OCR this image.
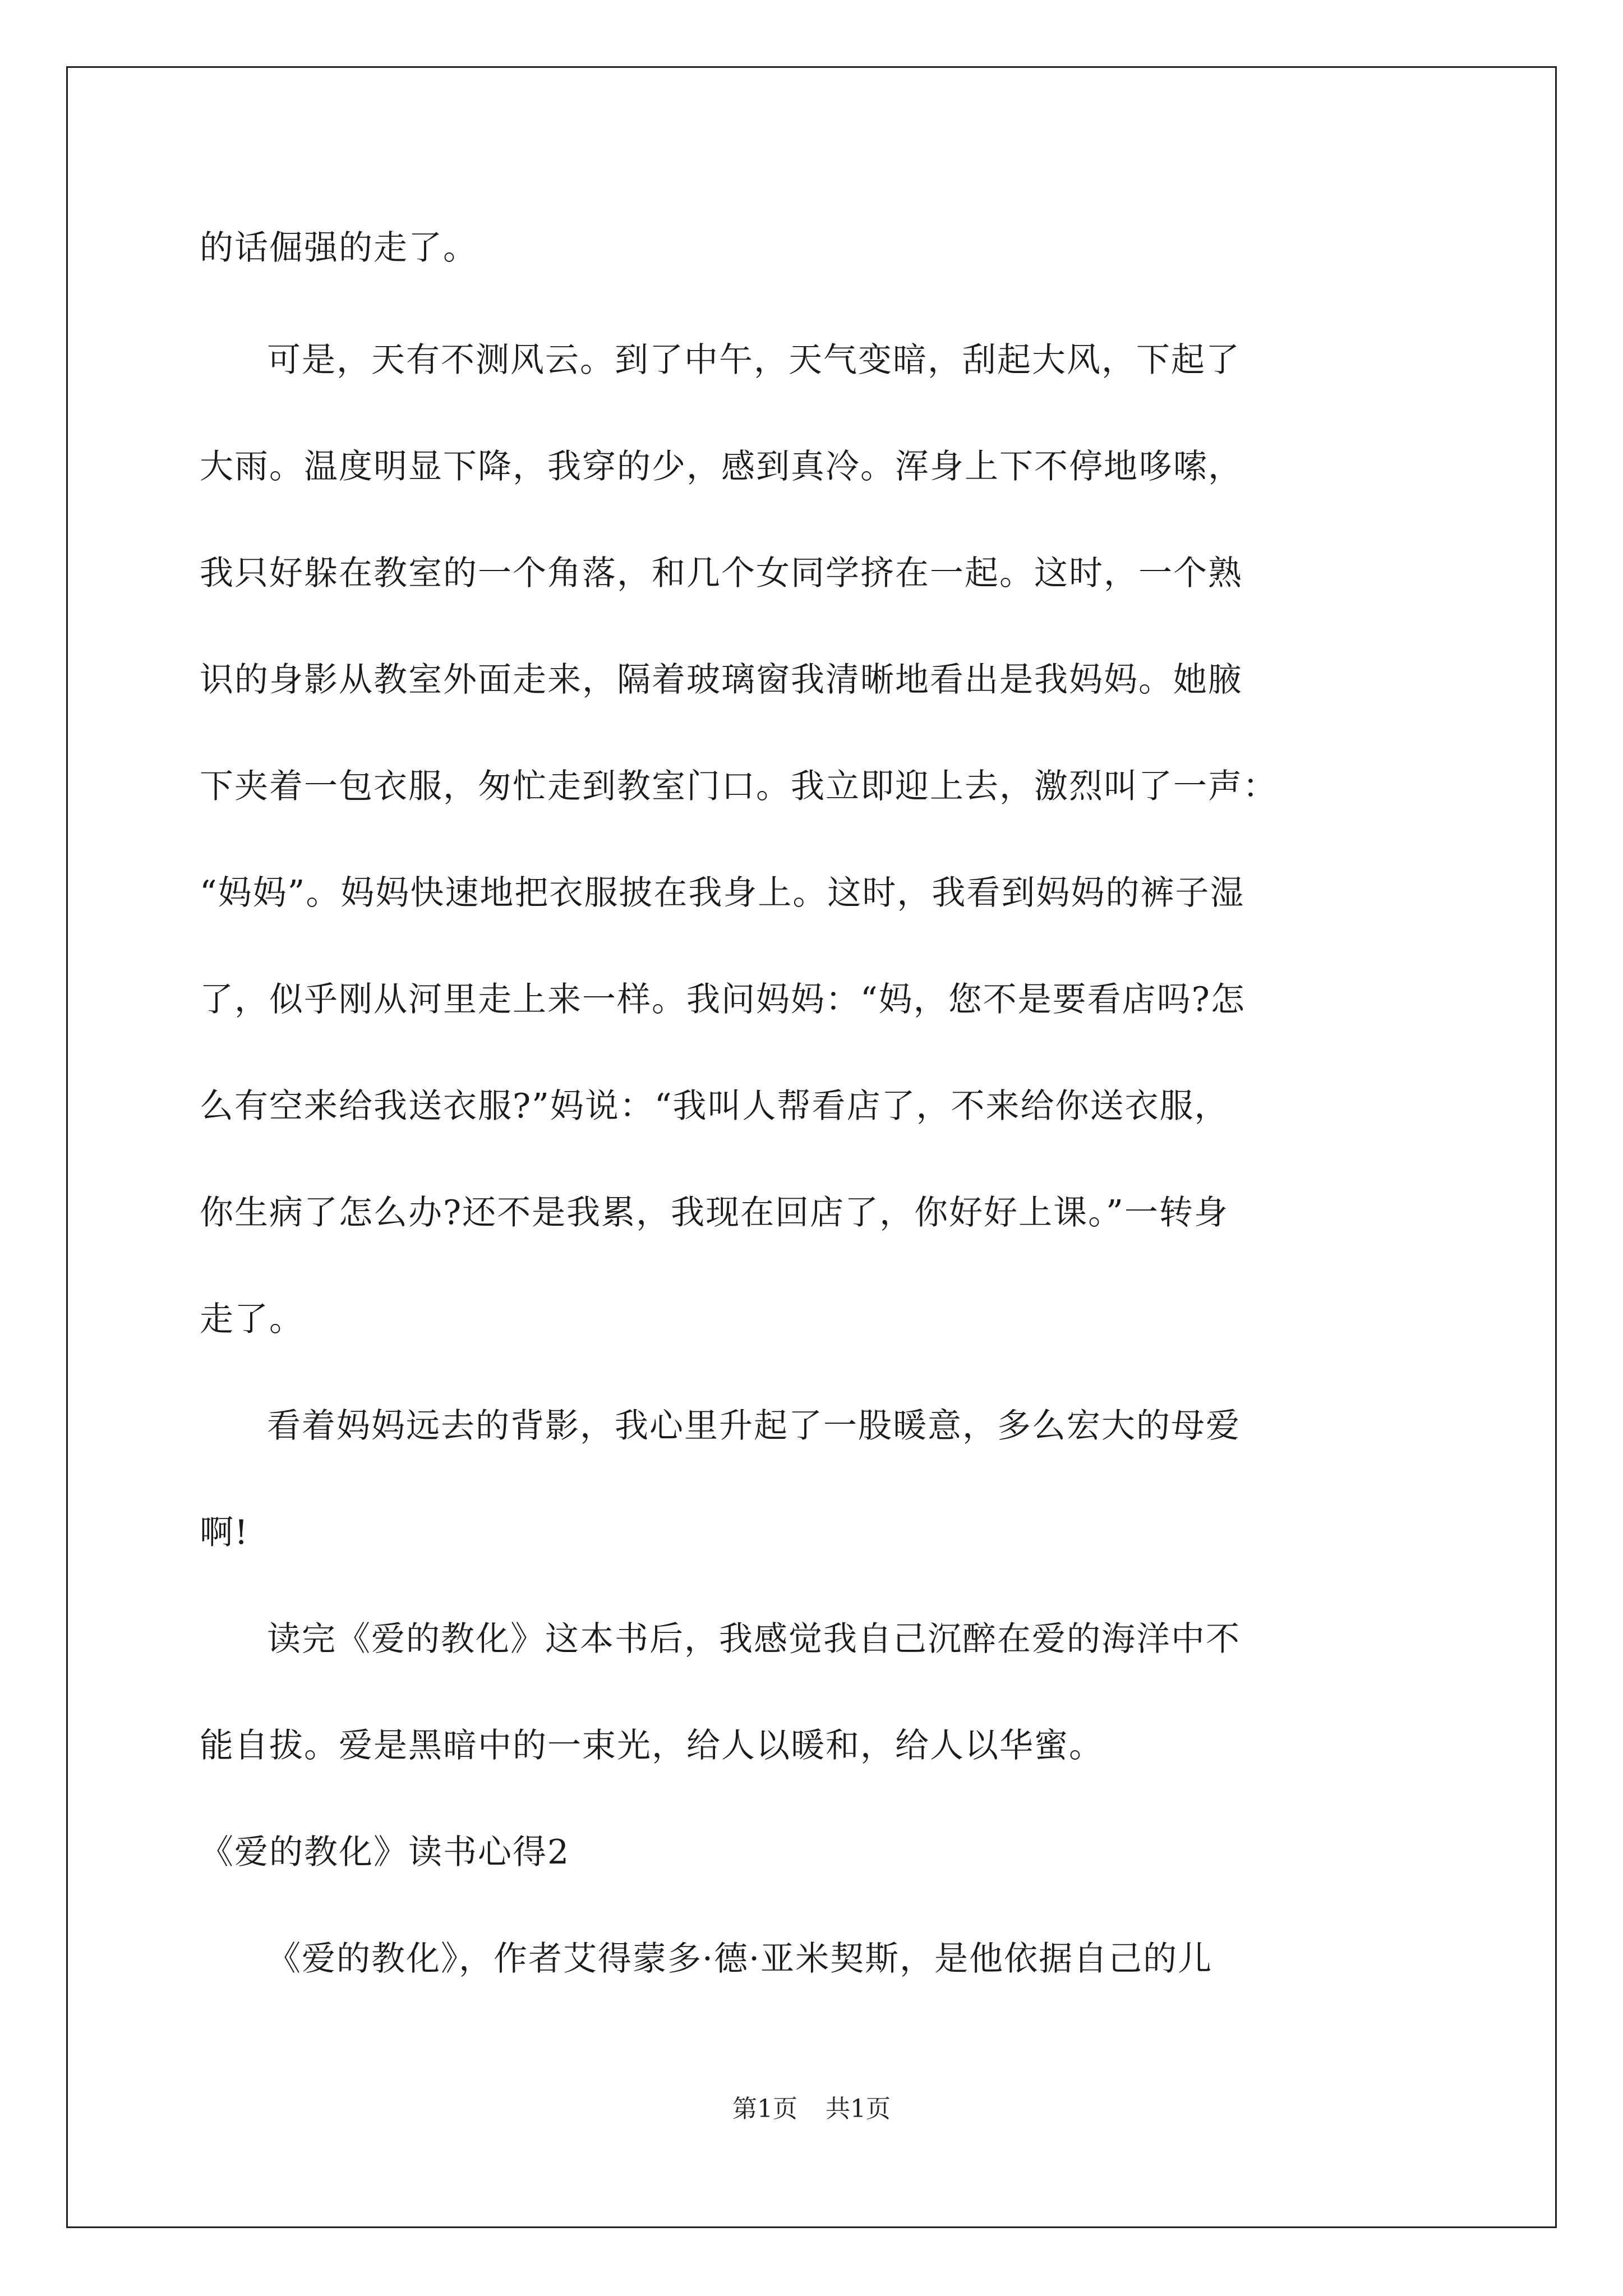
的话倔强的走了。
可是，天有不测风云。到了中午，天气变暗，刮起大风，下起了
大雨。温度明显下降，我穿的少，感到真冷。浑身上下不停地哆嗦，
我只好躲在教室的一个角落，和几个女同学挤在一起。这时，一个熟
识的身影从教室外面走来，隔着玻璃窗我清晰地看出是我妈妈。她腋
下夹着一包衣服，匆忙走到教室门口。我立即迎上去，激烈叫了一声：
“妈妈”。妈妈快速地把衣服披在我身上。这时，我看到妈妈的裤子湿
了，似乎刚从河里走上来一样。我问妈妈：“妈，您不是要看店吗?怎
么有空来给我送衣服?”妈说：“我叫人帮看店了，不来给你送衣服，
你生病了怎么办?还不是我累，我现在回店了，你好好上课。”一转身
走了。
看着妈妈远去的背影，我心里升起了一股暖意，多么宏大的母爱
啊!
读完《爱的教化》这本书后，我感觉我自己沉醉在爱的海洋中不
能自拔。爱是黑暗中的一束光，给人以暖和，给人以华蜜。
《爱的教化》读书心得2
《爱的教化》，作者艾得蒙多·德·亚米契斯，是他依据自己的儿
第1页 共1页
